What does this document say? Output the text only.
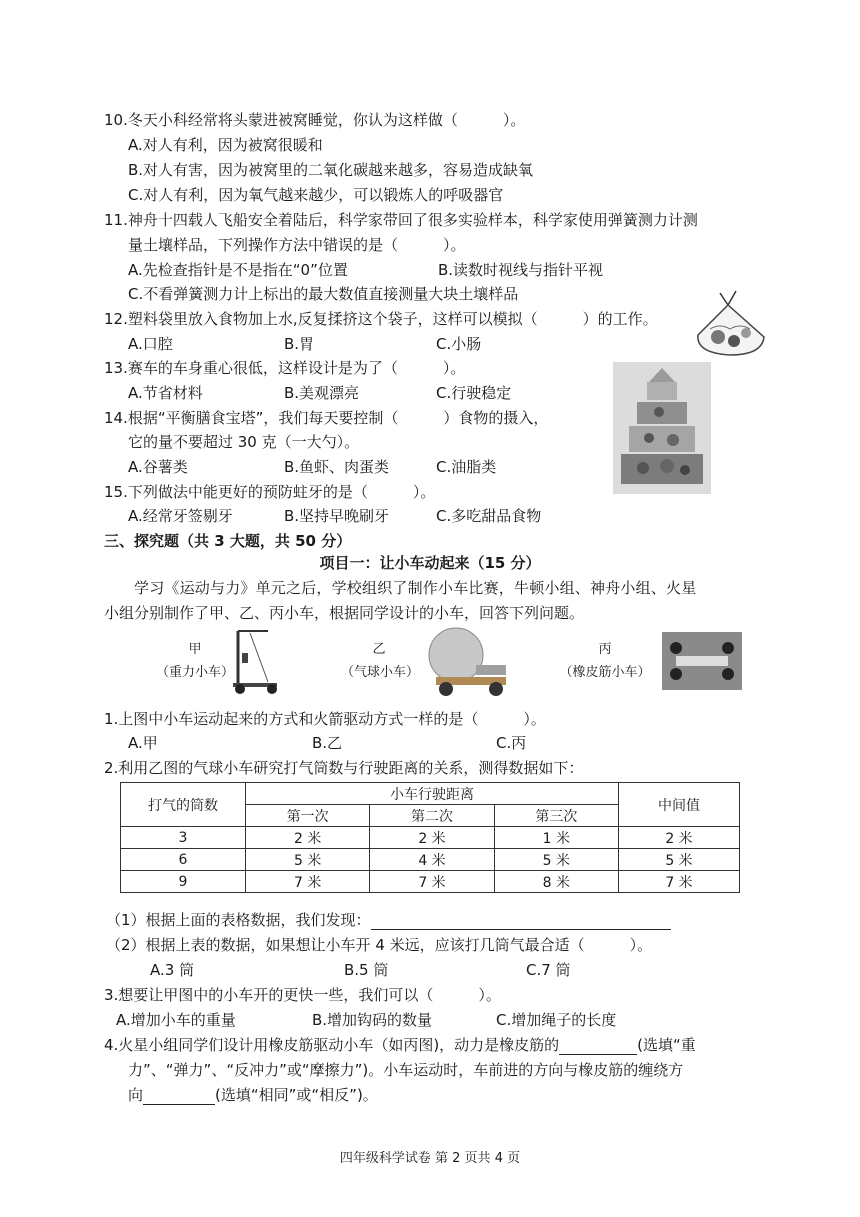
10.冬天小科经常将头蒙进被窝睡觉，你认为这样做（　　　）。
A.对人有利，因为被窝很暖和
B.对人有害，因为被窝里的二氧化碳越来越多，容易造成缺氧
C.对人有利，因为氧气越来越少，可以锻炼人的呼吸器官
11.神舟十四载人飞船安全着陆后，科学家带回了很多实验样本，科学家使用弹簧测力计测
量土壤样品，下列操作方法中错误的是（　　　）。
A.先检查指针是不是指在“0”位置	B.读数时视线与指针平视
C.不看弹簧测力计上标出的最大数值直接测量大块土壤样品
12.塑料袋里放入食物加上水,反复揉挤这个袋子，这样可以模拟（　　　）的工作。
A.口腔	B.胃	C.小肠
13.赛车的车身重心很低，这样设计是为了（　　　）。
A.节省材料	B.美观漂亮	C.行驶稳定
14.根据“平衡膳食宝塔”，我们每天要控制（　　　）食物的摄入，
它的量不要超过 30 克（一大勺）。
A.谷薯类	B.鱼虾、肉蛋类	C.油脂类
15.下列做法中能更好的预防蛀牙的是（　　　）。
A.经常牙签剔牙	B.坚持早晚刷牙	C.多吃甜品食物
三、探究题（共 3 大题，共 50 分）
项目一：让小车动起来（15 分）
学习《运动与力》单元之后，学校组织了制作小车比赛，牛顿小组、神舟小组、火星
小组分别制作了甲、乙、丙小车，根据同学设计的小车，回答下列问题。
甲
（重力小车）
乙
（气球小车）
丙
（橡皮筋小车）
1.上图中小车运动起来的方式和火箭驱动方式一样的是（　　　）。
A.甲	B.乙	C.丙
2.利用乙图的气球小车研究打气筒数与行驶距离的关系，测得数据如下：
打气的筒数	小车行驶距离			中间值
	第一次	第二次	第三次	
3	2 米	2 米	1 米	2 米
6	5 米	4 米	5 米	5 米
9	7 米	7 米	8 米	7 米
（1）根据上面的表格数据，我们发现：
（2）根据上表的数据，如果想让小车开 4 米远，应该打几筒气最合适（　　　）。
A.3 筒	B.5 筒	C.7 筒
3.想要让甲图中的小车开的更快一些，我们可以（　　　）。
A.增加小车的重量	B.增加钩码的数量	C.增加绳子的长度
4.火星小组同学们设计用橡皮筋驱动小车（如丙图)，动力是橡皮筋的	(选填“重
力”、“弹力”、“反冲力”或“摩擦力”)。小车运动时，车前进的方向与橡皮筋的缠绕方
向	(选填“相同”或“相反”)。
四年级科学试卷 第 2 页共 4 页
